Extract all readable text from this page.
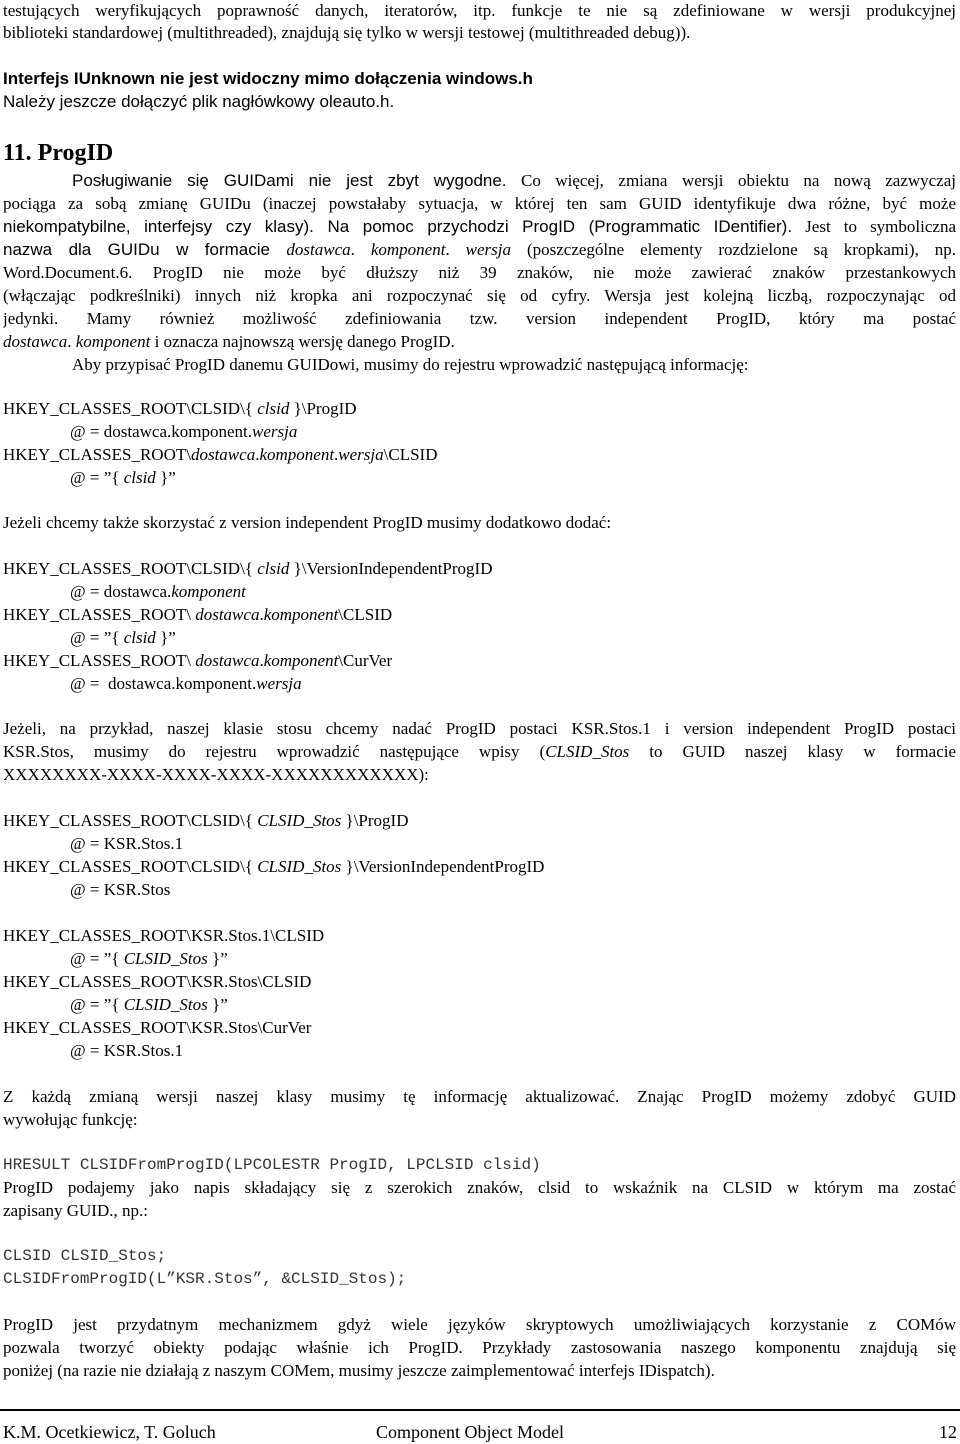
testujących weryfikujących poprawność danych, iteratorów, itp. funkcje te nie są zdefiniowane w wersji produkcyjnej
biblioteki standardowej (multithreaded), znajdują się tylko w wersji testowej (multithreaded debug)).
Interfejs IUnknown nie jest widoczny mimo dołączenia windows.h
Należy jeszcze dołączyć plik nagłówkowy oleauto.h.
11. ProgID
Posługiwanie się GUIDami nie jest zbyt wygodne. Co więcej, zmiana wersji obiektu na nową zazwyczaj
pociąga za sobą zmianę GUIDu (inaczej powstałaby sytuacja, w której ten sam GUID identyfikuje dwa różne, być może
niekompatybilne, interfejsy czy klasy). Na pomoc przychodzi ProgID (Programmatic IDentifier). Jest to symboliczna
nazwa dla GUIDu w formacie dostawca. komponent. wersja (poszczególne elementy rozdzielone są kropkami), np.
Word.Document.6. ProgID nie może być dłuższy niż 39 znaków, nie może zawierać znaków przestankowych
(włączając podkreślniki) innych niż kropka ani rozpoczynać się od cyfry. Wersja jest kolejną liczbą, rozpoczynając od
jedynki. Mamy również możliwość zdefiniowania tzw. version independent ProgID, który ma postać
dostawca. komponent i oznacza najnowszą wersję danego ProgID.
Aby przypisać ProgID danemu GUIDowi, musimy do rejestru wprowadzić następującą informację:
HKEY_CLASSES_ROOT\CLSID\{ clsid }\ProgID
@ = dostawca.komponent.wersja
HKEY_CLASSES_ROOT\dostawca.komponent.wersja\CLSID
@ = ”{ clsid }”
Jeżeli chcemy także skorzystać z version independent ProgID musimy dodatkowo dodać:
HKEY_CLASSES_ROOT\CLSID\{ clsid }\VersionIndependentProgID
@ = dostawca.komponent
HKEY_CLASSES_ROOT\ dostawca.komponent\CLSID
@ = ”{ clsid }”
HKEY_CLASSES_ROOT\ dostawca.komponent\CurVer
@ =  dostawca.komponent.wersja
Jeżeli, na przykład, naszej klasie stosu chcemy nadać ProgID postaci KSR.Stos.1 i version independent ProgID postaci
KSR.Stos, musimy do rejestru wprowadzić następujące wpisy (CLSID_Stos to GUID naszej klasy w formacie
XXXXXXXX-XXXX-XXXX-XXXX-XXXXXXXXXXXX):
HKEY_CLASSES_ROOT\CLSID\{ CLSID_Stos }\ProgID
@ = KSR.Stos.1
HKEY_CLASSES_ROOT\CLSID\{ CLSID_Stos }\VersionIndependentProgID
@ = KSR.Stos
HKEY_CLASSES_ROOT\KSR.Stos.1\CLSID
@ = ”{ CLSID_Stos }”
HKEY_CLASSES_ROOT\KSR.Stos\CLSID
@ = ”{ CLSID_Stos }”
HKEY_CLASSES_ROOT\KSR.Stos\CurVer
@ = KSR.Stos.1
Z każdą zmianą wersji naszej klasy musimy tę informację aktualizować. Znając ProgID możemy zdobyć GUID
wywołując funkcję:
HRESULT CLSIDFromProgID(LPCOLESTR ProgID, LPCLSID clsid)
ProgID podajemy jako napis składający się z szerokich znaków, clsid to wskaźnik na CLSID w którym ma zostać
zapisany GUID., np.:
CLSID CLSID_Stos;
CLSIDFromProgID(L”KSR.Stos”, &CLSID_Stos);
ProgID jest przydatnym mechanizmem gdyż wiele języków skryptowych umożliwiających korzystanie z COMów
pozwala tworzyć obiekty podając właśnie ich ProgID. Przykłady zastosowania naszego komponentu znajdują się
poniżej (na razie nie działają z naszym COMem, musimy jeszcze zaimplementować interfejs IDispatch).
K.M. Ocetkiewicz, T. Goluch	Component Object Model	12
